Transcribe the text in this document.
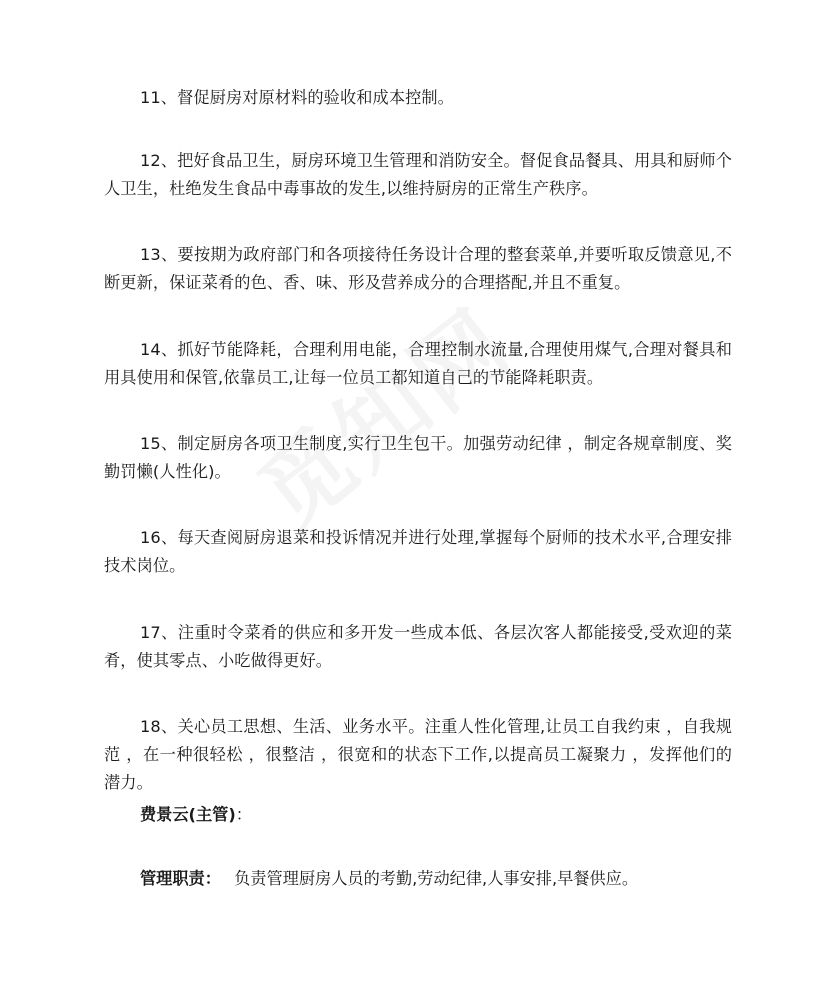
11、督促厨房对原材料的验收和成本控制。

12、把好食品卫生，厨房环境卫生管理和消防安全。督促食品餐具、用具和厨师个人卫生，杜绝发生食品中毒事故的发生,以维持厨房的正常生产秩序。

13、要按期为政府部门和各项接待任务设计合理的整套菜单,并要听取反馈意见,不断更新，保证菜肴的色、香、味、形及营养成分的合理搭配,并且不重复。

14、抓好节能降耗，合理利用电能，合理控制水流量,合理使用煤气,合理对餐具和用具使用和保管,依靠员工,让每一位员工都知道自己的节能降耗职责。

15、制定厨房各项卫生制度,实行卫生包干。加强劳动纪律 ，制定各规章制度、奖勤罚懒(人性化)。

16、每天查阅厨房退菜和投诉情况并进行处理,掌握每个厨师的技术水平,合理安排技术岗位。

17、注重时令菜肴的供应和多开发一些成本低、各层次客人都能接受,受欢迎的菜肴，使其零点、小吃做得更好。

18、关心员工思想、生活、业务水平。注重人性化管理,让员工自我约束 ，自我规范 ，在一种很轻松 ，很整洁 ，很宽和的状态下工作,以提高员工凝聚力 ，发挥他们的潜力。

费景云(主管)：

管理职责： 负责管理厨房人员的考勤,劳动纪律,人事安排,早餐供应。
